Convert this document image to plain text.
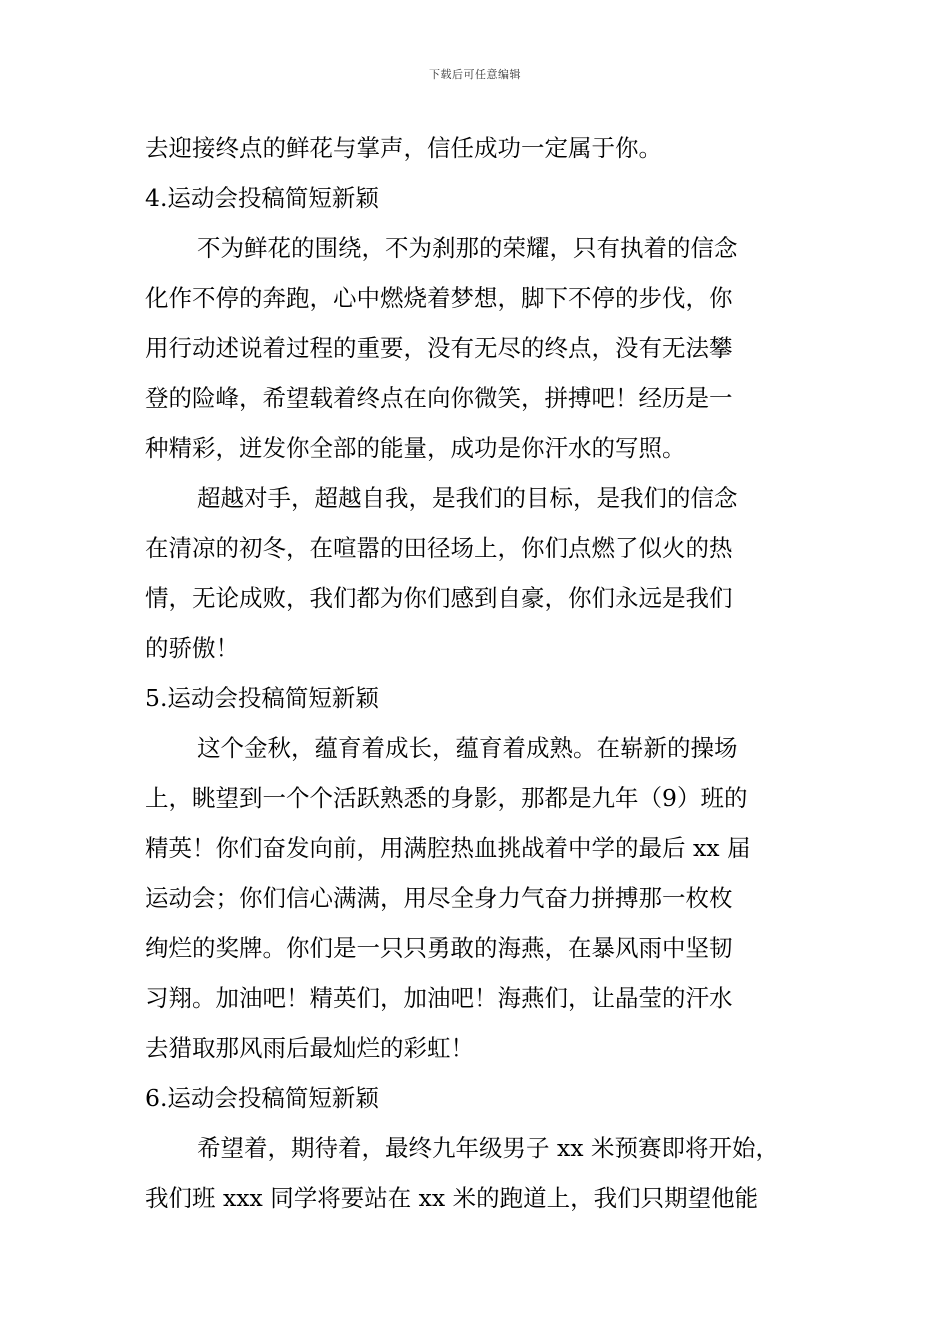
下载后可任意编辑
去迎接终点的鲜花与掌声，信任成功一定属于你。
4.运动会投稿简短新颖
不为鲜花的围绕，不为刹那的荣耀，只有执着的信念
化作不停的奔跑，心中燃烧着梦想，脚下不停的步伐，你
用行动述说着过程的重要，没有无尽的终点，没有无法攀
登的险峰，希望载着终点在向你微笑，拼搏吧！经历是一
种精彩，迸发你全部的能量，成功是你汗水的写照。
超越对手，超越自我，是我们的目标，是我们的信念
在清凉的初冬，在喧嚣的田径场上，你们点燃了似火的热
情，无论成败，我们都为你们感到自豪，你们永远是我们
的骄傲！
5.运动会投稿简短新颖
这个金秋，蕴育着成长，蕴育着成熟。在崭新的操场
上，眺望到一个个活跃熟悉的身影，那都是九年（9）班的
精英！你们奋发向前，用满腔热血挑战着中学的最后 xx 届
运动会；你们信心满满，用尽全身力气奋力拼搏那一枚枚
绚烂的奖牌。你们是一只只勇敢的海燕，在暴风雨中坚韧
习翔。加油吧！精英们，加油吧！海燕们，让晶莹的汗水
去猎取那风雨后最灿烂的彩虹！
6.运动会投稿简短新颖
希望着，期待着，最终九年级男子 xx 米预赛即将开始，
我们班 xxx 同学将要站在 xx 米的跑道上，我们只期望他能
